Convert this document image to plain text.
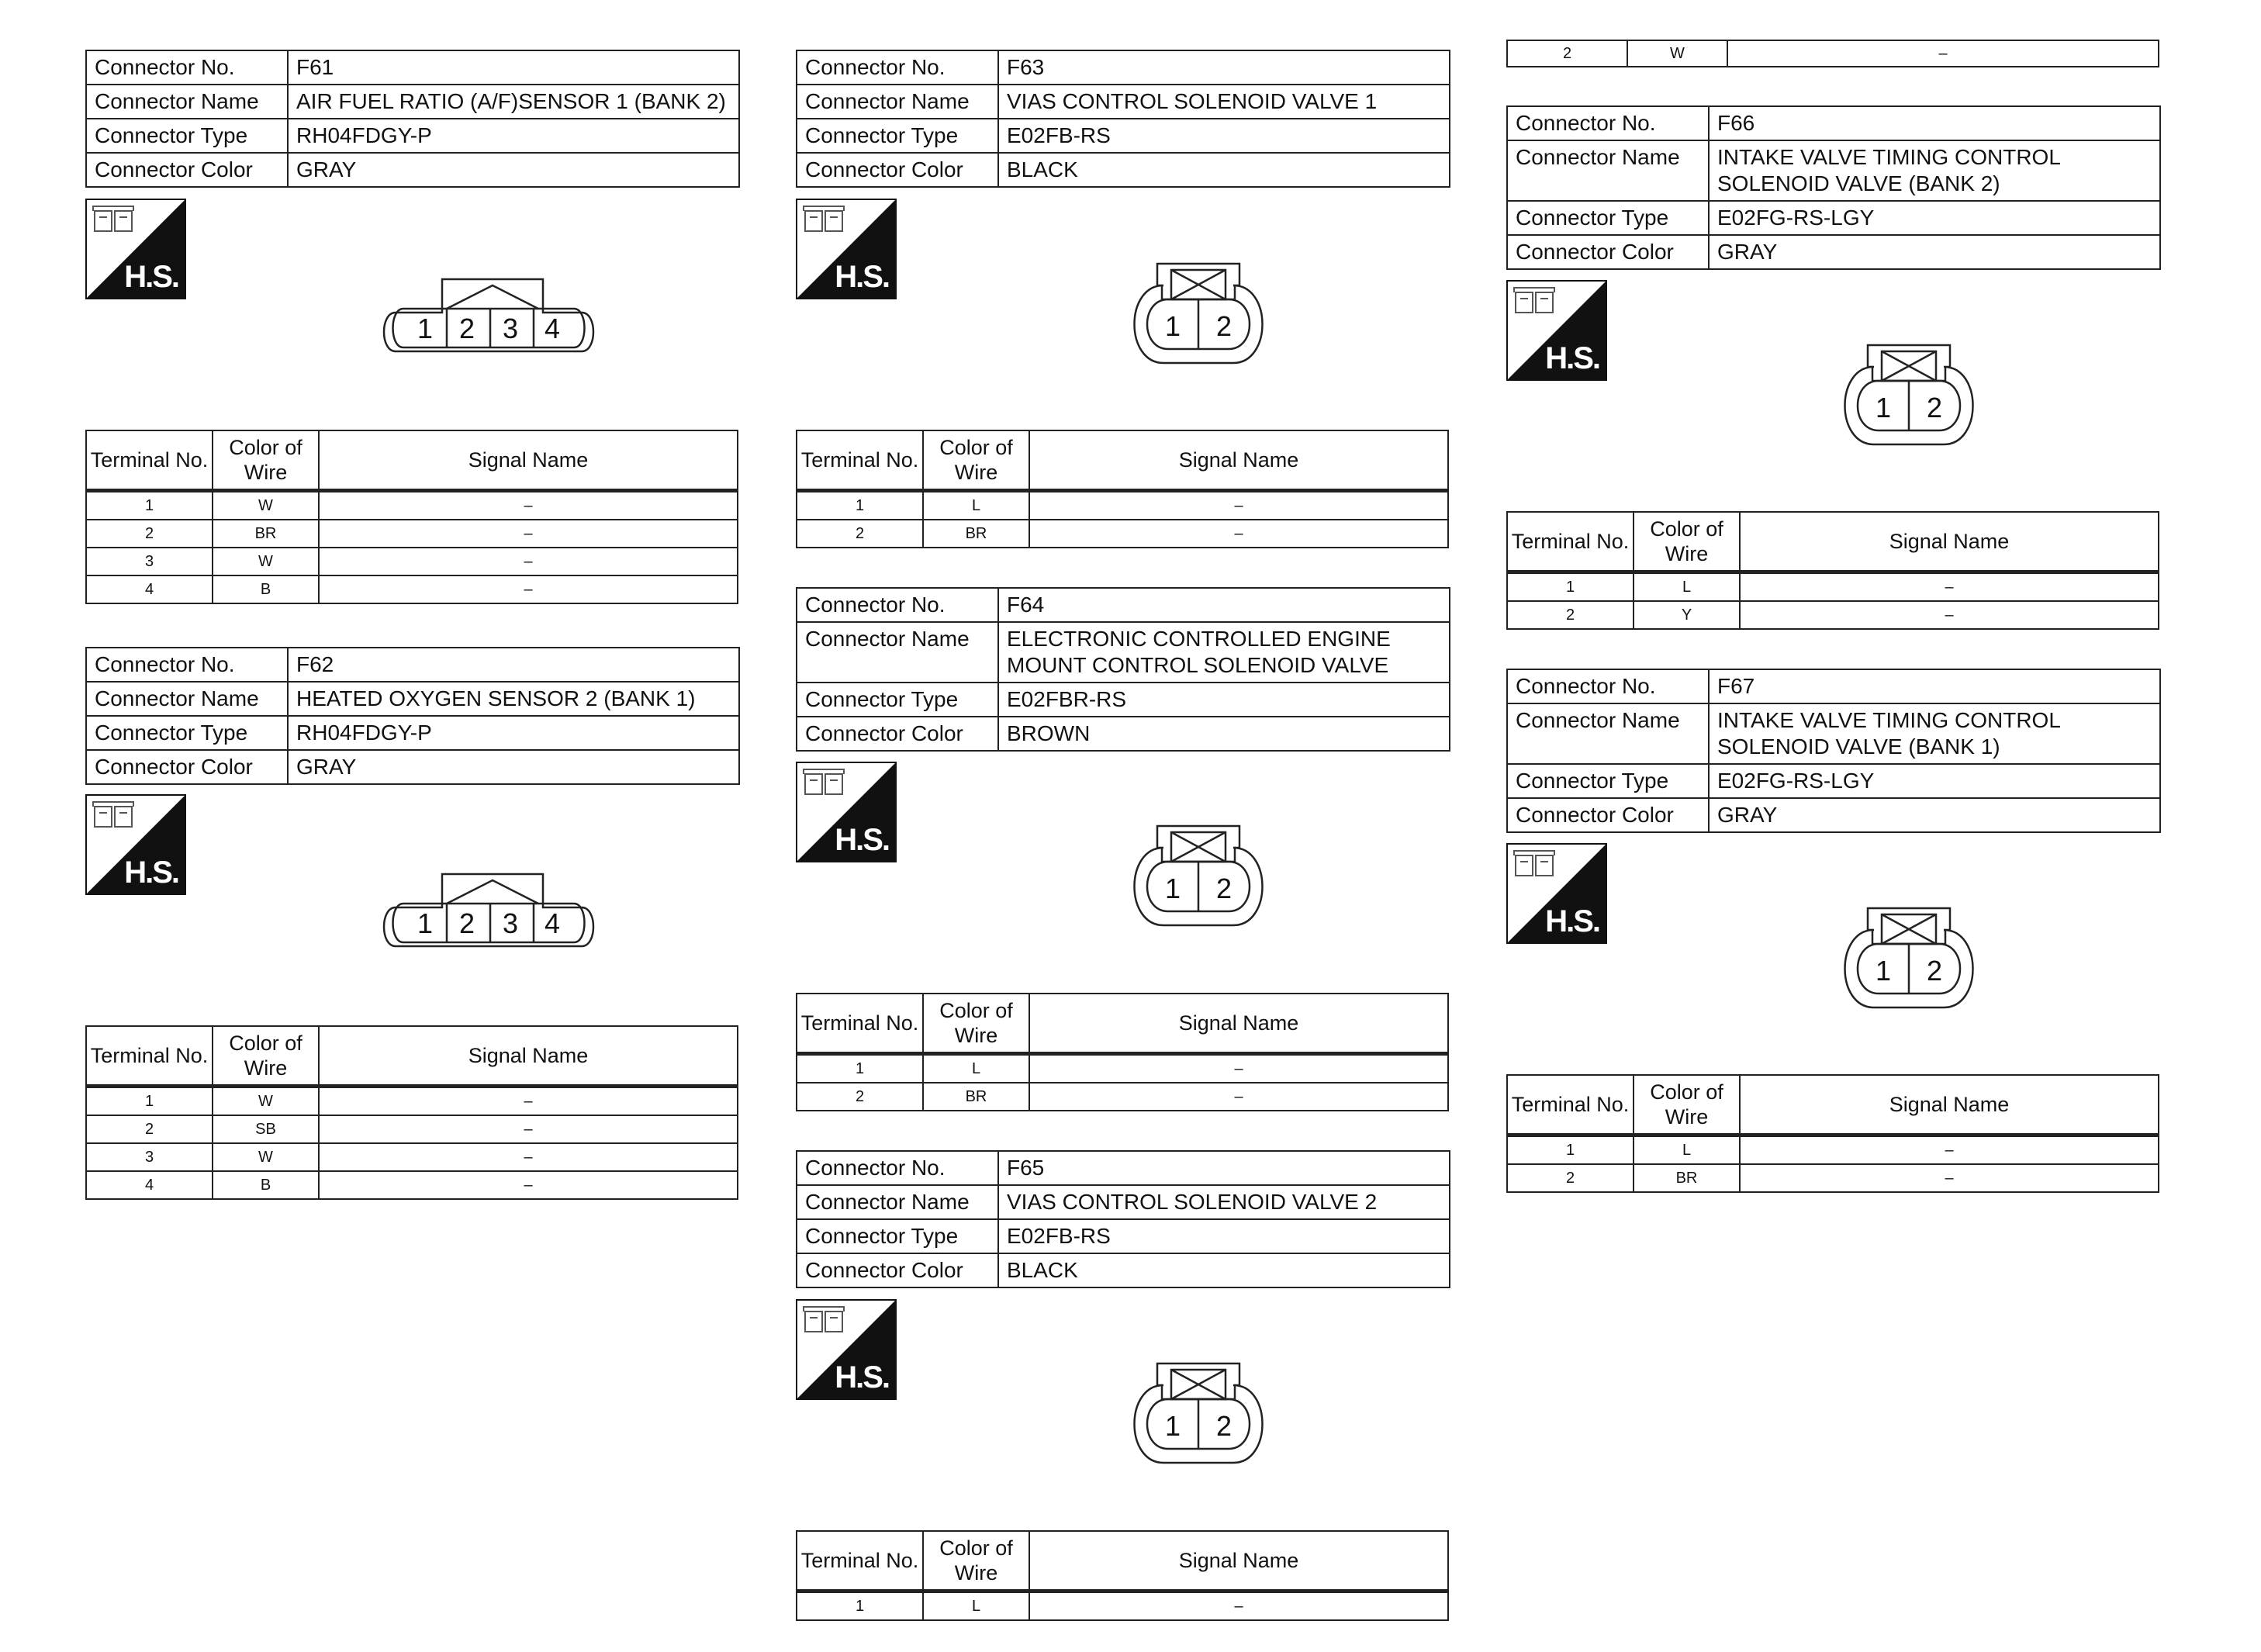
Connector No.	F61
Connector Name	AIR FUEL RATIO (A/F)SENSOR 1 (BANK 2)
Connector Type	RH04FDGY-P
Connector Color	GRAY
H.S.
1 2 3 4
Terminal No.	Color of Wire	Signal Name
1	W	–
2	BR	–
3	W	–
4	B	–
Connector No.	F62
Connector Name	HEATED OXYGEN SENSOR 2 (BANK 1)
Connector Type	RH04FDGY-P
Connector Color	GRAY
H.S.
1 2 3 4
Terminal No.	Color of Wire	Signal Name
1	W	–
2	SB	–
3	W	–
4	B	–
Connector No.	F63
Connector Name	VIAS CONTROL SOLENOID VALVE 1
Connector Type	E02FB-RS
Connector Color	BLACK
H.S.
1 2
Terminal No.	Color of Wire	Signal Name
1	L	–
2	BR	–
Connector No.	F64
Connector Name	ELECTRONIC CONTROLLED ENGINE MOUNT CONTROL SOLENOID VALVE
Connector Type	E02FBR-RS
Connector Color	BROWN
H.S.
1 2
Terminal No.	Color of Wire	Signal Name
1	L	–
2	BR	–
Connector No.	F65
Connector Name	VIAS CONTROL SOLENOID VALVE 2
Connector Type	E02FB-RS
Connector Color	BLACK
H.S.
1 2
Terminal No.	Color of Wire	Signal Name
1	L	–
2	W	–
Connector No.	F66
Connector Name	INTAKE VALVE TIMING CONTROL SOLENOID VALVE (BANK 2)
Connector Type	E02FG-RS-LGY
Connector Color	GRAY
H.S.
1 2
Terminal No.	Color of Wire	Signal Name
1	L	–
2	Y	–
Connector No.	F67
Connector Name	INTAKE VALVE TIMING CONTROL SOLENOID VALVE (BANK 1)
Connector Type	E02FG-RS-LGY
Connector Color	GRAY
H.S.
1 2
Terminal No.	Color of Wire	Signal Name
1	L	–
2	BR	–
